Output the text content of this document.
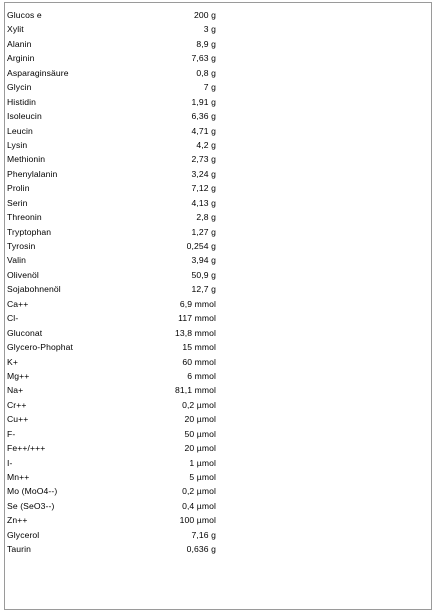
Glucos e	200 g
Xylit	3 g
Alanin	8,9 g
Arginin	7,63 g
Asparaginsäure	0,8 g
Glycin	7 g
Histidin	1,91 g
Isoleucin	6,36 g
Leucin	4,71 g
Lysin	4,2 g
Methionin	2,73 g
Phenylalanin	3,24 g
Prolin	7,12 g
Serin	4,13 g
Threonin	2,8 g
Tryptophan	1,27 g
Tyrosin	0,254 g
Valin	3,94 g
Olivenöl	50,9 g
Sojabohnenöl	12,7 g
Ca++	6,9 mmol
Cl-	117 mmol
Gluconat	13,8 mmol
Glycero-Phophat	15 mmol
K+	60 mmol
Mg++	6 mmol
Na+	81,1 mmol
Cr++	0,2 µmol
Cu++	20 µmol
F-	50 µmol
Fe++/+++	20 µmol
I-	1 µmol
Mn++	5 µmol
Mo (MoO4--)	0,2 µmol
Se (SeO3--)	0,4 µmol
Zn++	100 µmol
Glycerol	7,16 g
Taurin	0,636 g
